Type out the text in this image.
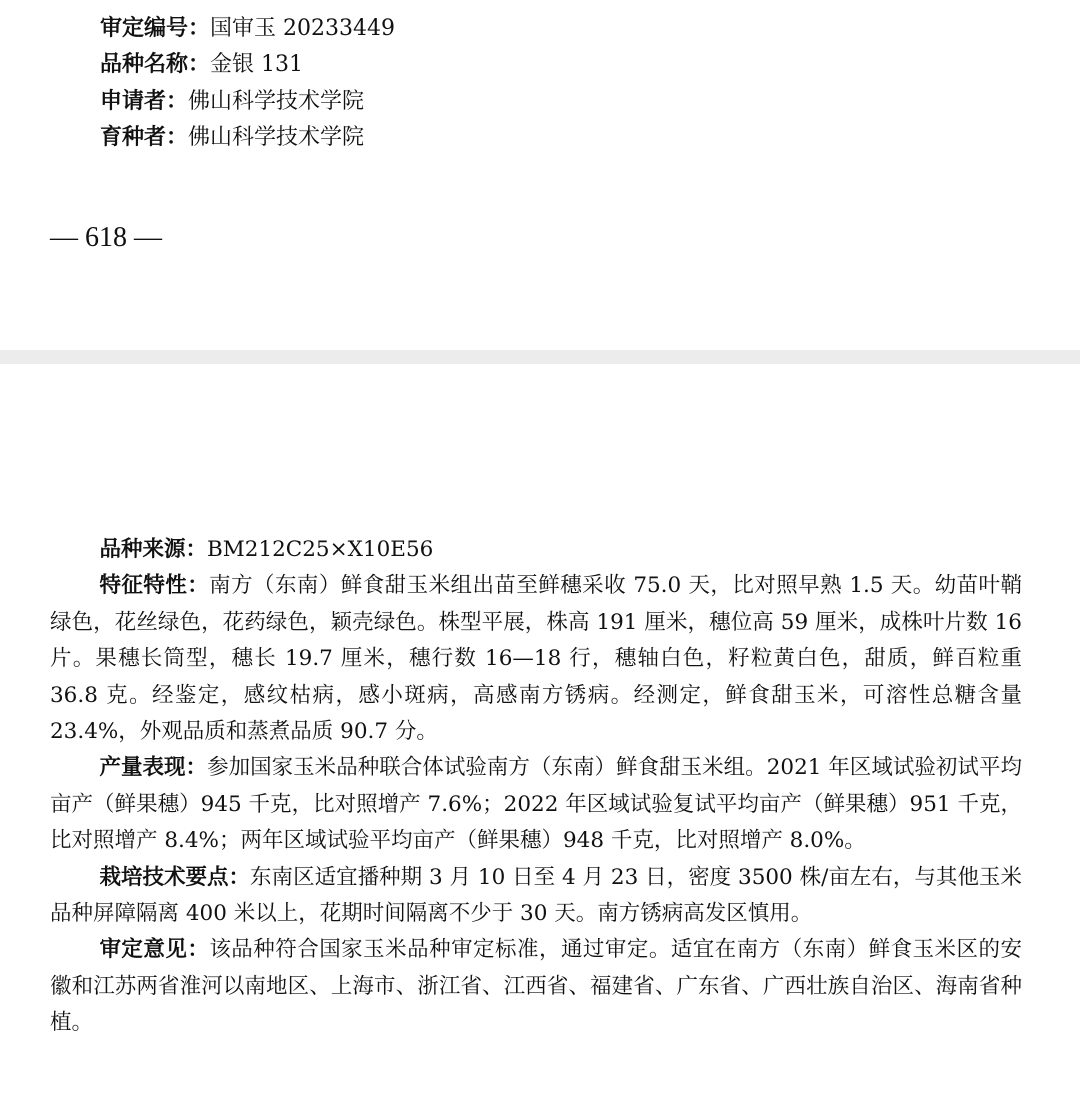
审定编号：国审玉 20233449
品种名称：金银 131
申请者：佛山科学技术学院
育种者：佛山科学技术学院
— 618 —

品种来源：BM212C25×X10E56

特征特性：南方（东南）鲜食甜玉米组出苗至鲜穗采收 75.0 天，比对照早熟 1.5 天。幼苗叶鞘绿色，花丝绿色，花药绿色，颖壳绿色。株型平展，株高 191 厘米，穗位高 59 厘米，成株叶片数 16 片。果穗长筒型，穗长 19.7 厘米，穗行数 16—18 行，穗轴白色，籽粒黄白色，甜质，鲜百粒重 36.8 克。经鉴定，感纹枯病，感小斑病，高感南方锈病。经测定，鲜食甜玉米，可溶性总糖含量 23.4%，外观品质和蒸煮品质 90.7 分。

产量表现：参加国家玉米品种联合体试验南方（东南）鲜食甜玉米组。2021 年区域试验初试平均亩产（鲜果穗）945 千克，比对照增产 7.6%；2022 年区域试验复试平均亩产（鲜果穗）951 千克，比对照增产 8.4%；两年区域试验平均亩产（鲜果穗）948 千克，比对照增产 8.0%。

栽培技术要点：东南区适宜播种期 3 月 10 日至 4 月 23 日，密度 3500 株/亩左右，与其他玉米品种屏障隔离 400 米以上，花期时间隔离不少于 30 天。南方锈病高发区慎用。

审定意见：该品种符合国家玉米品种审定标准，通过审定。适宜在南方（东南）鲜食玉米区的安徽和江苏两省淮河以南地区、上海市、浙江省、江西省、福建省、广东省、广西壮族自治区、海南省种植。
